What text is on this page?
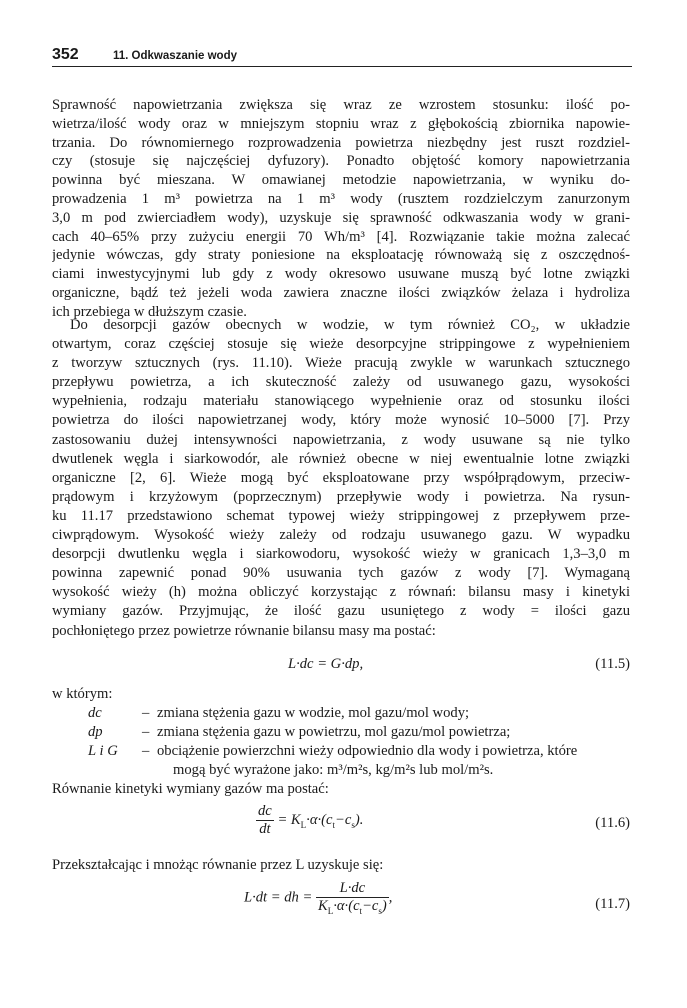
352	11. Odkwaszanie wody
Sprawność napowietrzania zwiększa się wraz ze wzrostem stosunku: ilość po-
wietrza/ilość wody oraz w mniejszym stopniu wraz z głębokością zbiornika napowie-
trzania. Do równomiernego rozprowadzenia powietrza niezbędny jest ruszt rozdziel-
czy (stosuje się najczęściej dyfuzory). Ponadto objętość komory napowietrzania
powinna być mieszana. W omawianej metodzie napowietrzania, w wyniku do-
prowadzenia 1 m³ powietrza na 1 m³ wody (rusztem rozdzielczym zanurzonym
3,0 m pod zwierciadłem wody), uzyskuje się sprawność odkwaszania wody w grani-
cach 40–65% przy zużyciu energii 70 Wh/m³ [4]. Rozwiązanie takie można zalecać
jedynie wówczas, gdy straty poniesione na eksploatację równoważą się z oszczędnoś-
ciami inwestycyjnymi lub gdy z wody okresowo usuwane muszą być lotne związki
organiczne, bądź też jeżeli woda zawiera znaczne ilości związków żelaza i hydroliza
ich przebiega w dłuższym czasie.
Do desorpcji gazów obecnych w wodzie, w tym również CO₂, w układzie
otwartym, coraz częściej stosuje się wieże desorpcyjne strippingowe z wypełnieniem
z tworzyw sztucznych (rys. 11.10). Wieże pracują zwykle w warunkach sztucznego
przepływu powietrza, a ich skuteczność zależy od usuwanego gazu, wysokości
wypełnienia, rodzaju materiału stanowiącego wypełnienie oraz od stosunku ilości
powietrza do ilości napowietrzanej wody, który może wynosić 10–5000 [7]. Przy
zastosowaniu dużej intensywności napowietrzania, z wody usuwane są nie tylko
dwutlenek węgla i siarkowodór, ale również obecne w niej ewentualnie lotne związki
organiczne [2, 6]. Wieże mogą być eksploatowane przy współprądowym, przeciw-
prądowym i krzyżowym (poprzecznym) przepływie wody i powietrza. Na rysun-
ku 11.17 przedstawiono schemat typowej wieży strippingowej z przepływem prze-
ciwprądowym. Wysokość wieży zależy od rodzaju usuwanego gazu. W wypadku
desorpcji dwutlenku węgla i siarkowodoru, wysokość wieży w granicach 1,3–3,0 m
powinna zapewnić ponad 90% usuwania tych gazów z wody [7]. Wymaganą
wysokość wieży (h) można obliczyć korzystając z równań: bilansu masy i kinetyki
wymiany gazów. Przyjmując, że ilość gazu usuniętego z wody = ilości gazu
pochłoniętego przez powietrze równanie bilansu masy ma postać:
L·dc = G·dp,	(11.5)
w którym:
dc	– zmiana stężenia gazu w wodzie, mol gazu/mol wody;
dp	– zmiana stężenia gazu w powietrzu, mol gazu/mol powietrza;
L i G – obciążenie powierzchni wieży odpowiednio dla wody i powietrza, które
mogą być wyrażone jako: m³/m²s, kg/m²s lub mol/m²s.
Równanie kinetyki wymiany gazów ma postać:
$\frac{dc}{dt} = K_L\cdot\alpha\cdot(c_t-c_s)$.	(11.6)
Przekształcając i mnożąc równanie przez L uzyskuje się:
L·dt = dh = $\frac{L\cdot dc}{K_L\cdot\alpha\cdot(c_t-c_s)}$ ,	(11.7)
